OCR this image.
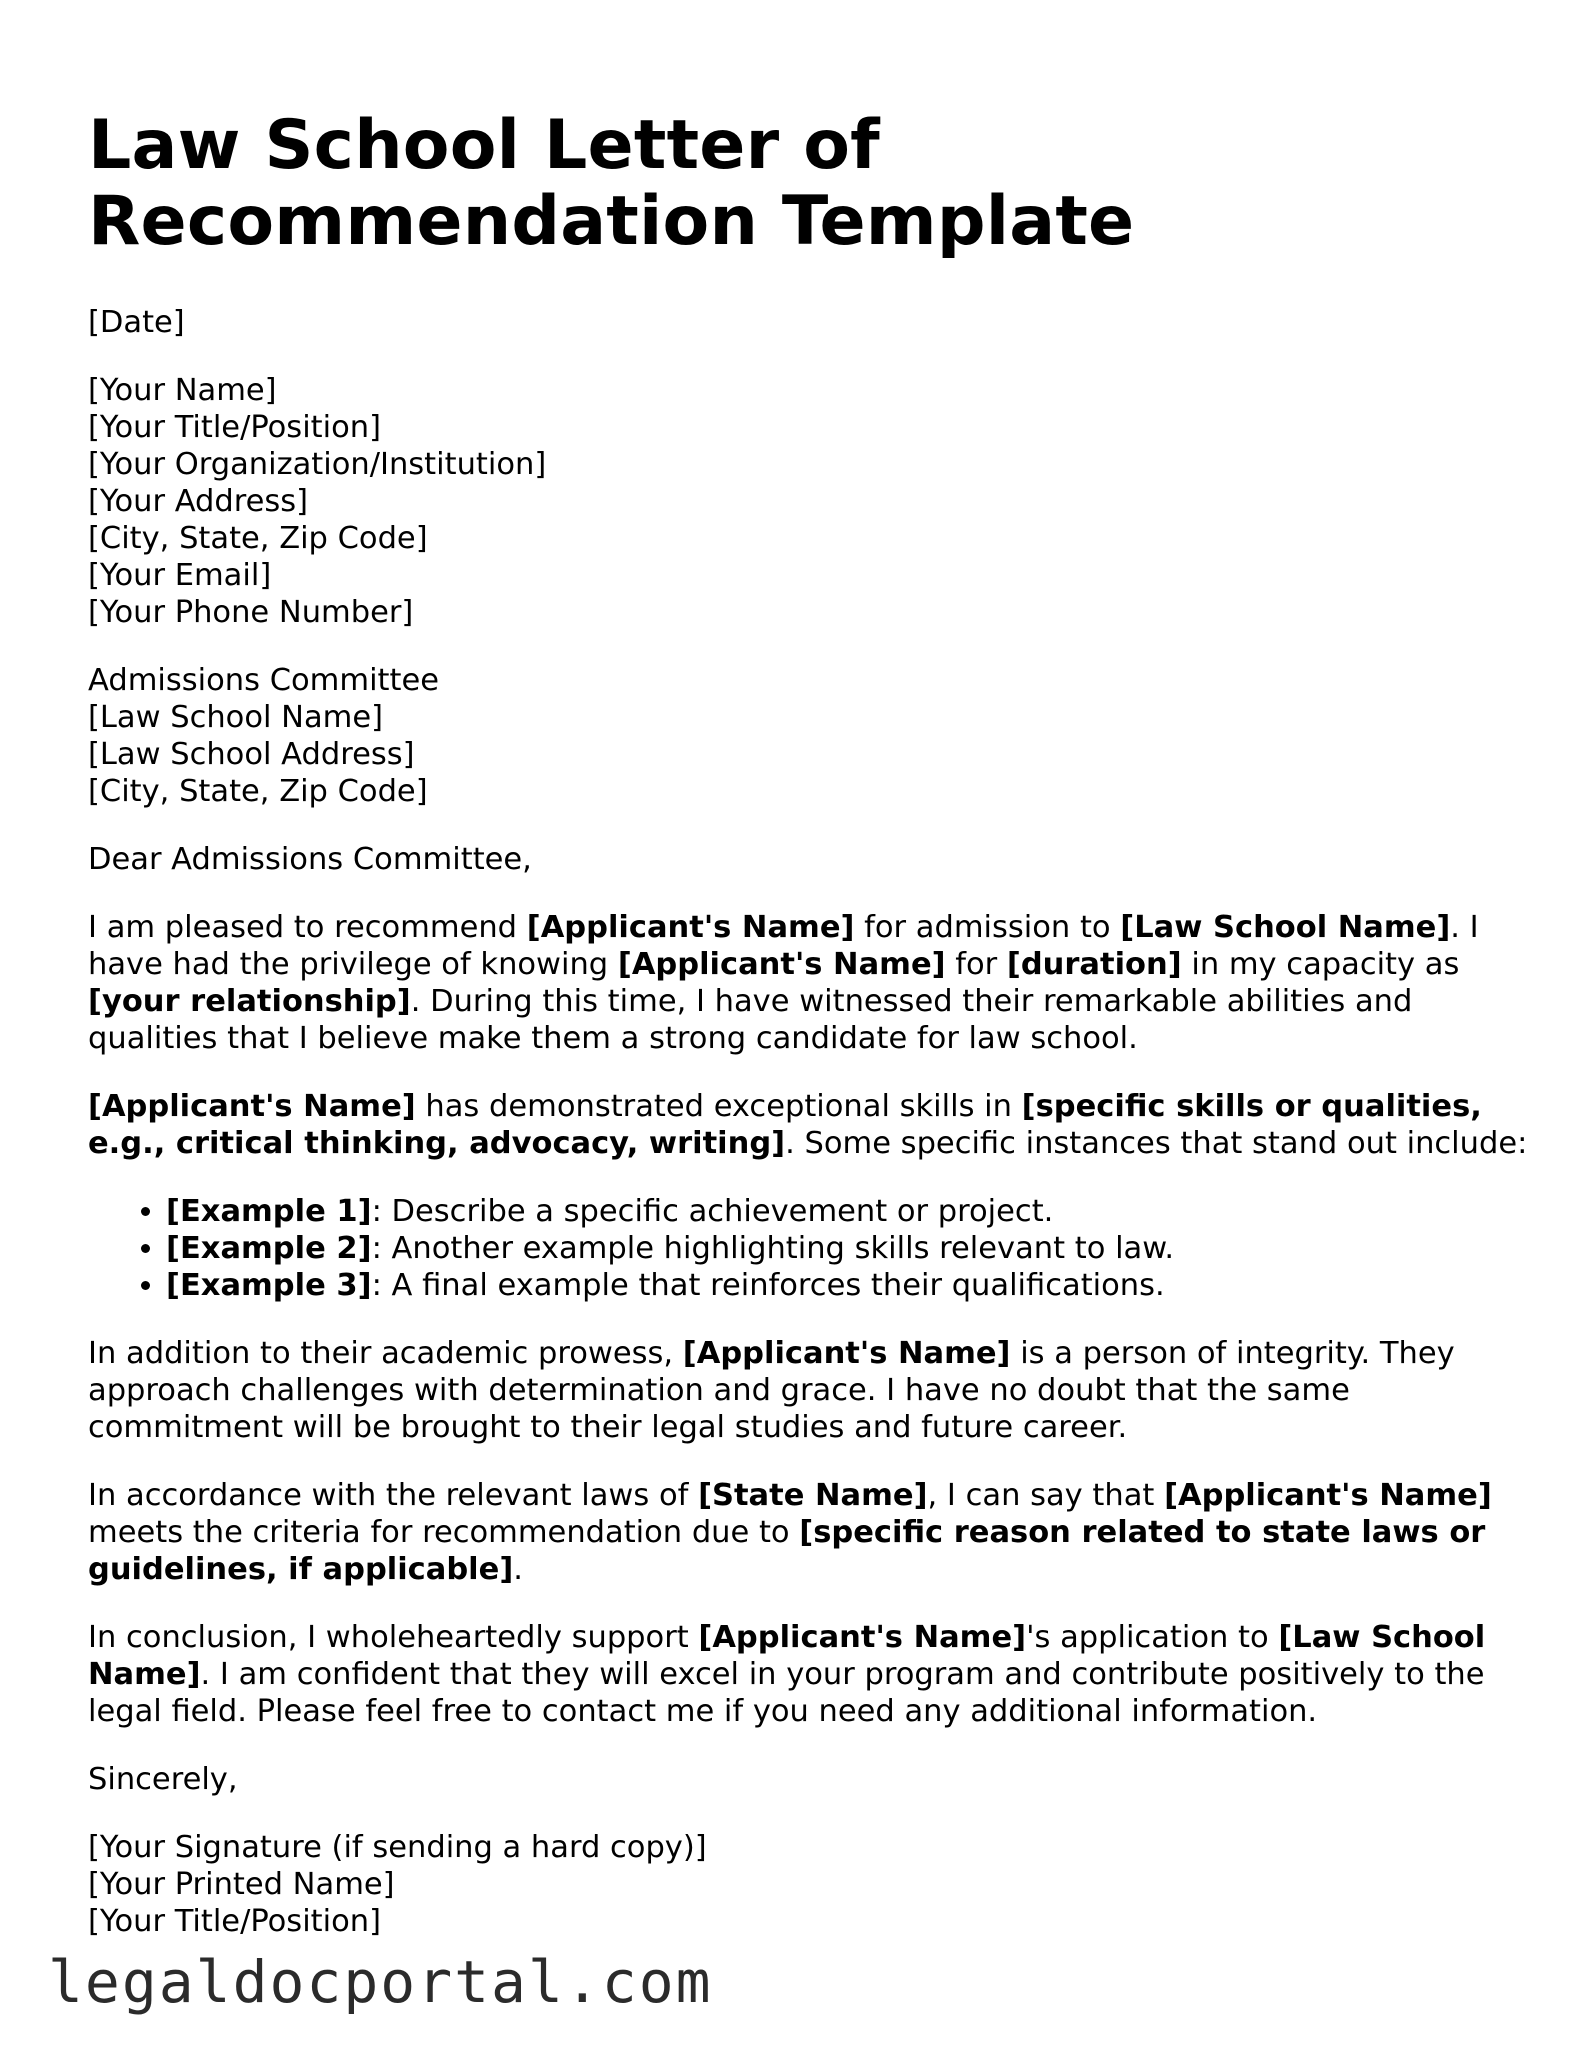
Law School Letter of Recommendation Template
[Date]
[Your Name]
[Your Title/Position]
[Your Organization/Institution]
[Your Address]
[City, State, Zip Code]
[Your Email]
[Your Phone Number]
Admissions Committee
[Law School Name]
[Law School Address]
[City, State, Zip Code]

Dear Admissions Committee,

I am pleased to recommend [Applicant's Name] for admission to [Law School Name]. I have had the privilege of knowing [Applicant's Name] for [duration] in my capacity as [your relationship]. During this time, I have witnessed their remarkable abilities and qualities that I believe make them a strong candidate for law school.

[Applicant's Name] has demonstrated exceptional skills in [specific skills or qualities, e.g., critical thinking, advocacy, writing]. Some specific instances that stand out include:

• [Example 1]: Describe a specific achievement or project.
• [Example 2]: Another example highlighting skills relevant to law.
• [Example 3]: A final example that reinforces their qualifications.

In addition to their academic prowess, [Applicant's Name] is a person of integrity. They approach challenges with determination and grace. I have no doubt that the same commitment will be brought to their legal studies and future career.

In accordance with the relevant laws of [State Name], I can say that [Applicant's Name] meets the criteria for recommendation due to [specific reason related to state laws or guidelines, if applicable].

In conclusion, I wholeheartedly support [Applicant's Name]'s application to [Law School Name]. I am confident that they will excel in your program and contribute positively to the legal field. Please feel free to contact me if you need any additional information.

Sincerely,

[Your Signature (if sending a hard copy)]
[Your Printed Name]
[Your Title/Position]
legaldocportal.com
